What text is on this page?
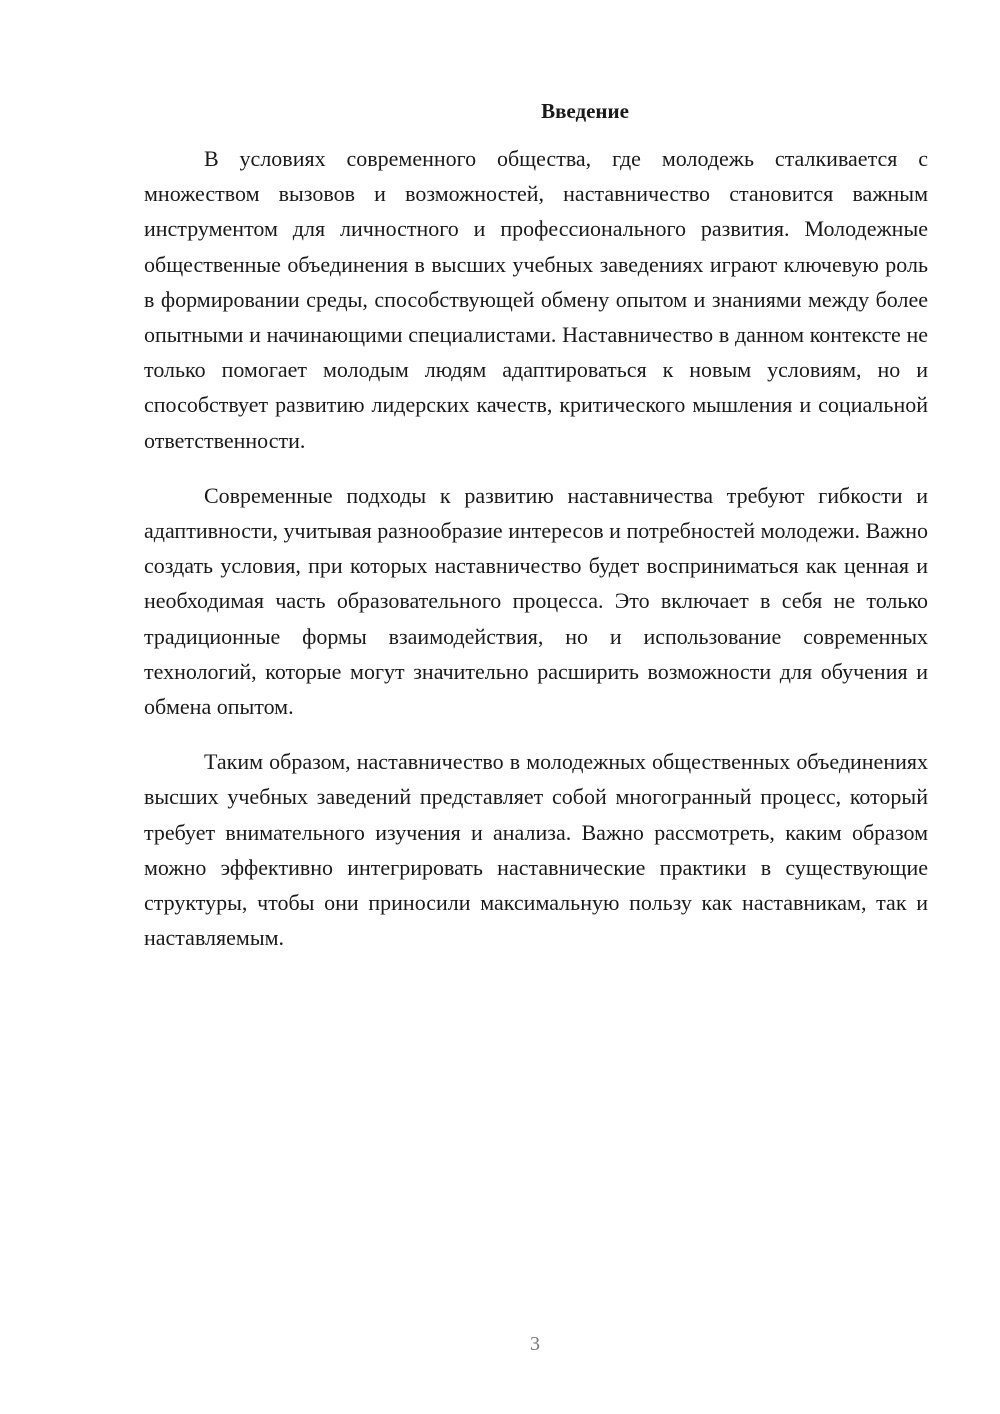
Введение

В условиях современного общества, где молодежь сталкивается с множеством вызовов и возможностей, наставничество становится важным инструментом для личностного и профессионального развития. Молодежные общественные объединения в высших учебных заведениях играют ключевую роль в формировании среды, способствующей обмену опытом и знаниями между более опытными и начинающими специалистами. Наставничество в данном контексте не только помогает молодым людям адаптироваться к новым условиям, но и способствует развитию лидерских качеств, критического мышления и социальной ответственности.

Современные подходы к развитию наставничества требуют гибкости и адаптивности, учитывая разнообразие интересов и потребностей молодежи. Важно создать условия, при которых наставничество будет восприниматься как ценная и необходимая часть образовательного процесса. Это включает в себя не только традиционные формы взаимодействия, но и использование современных технологий, которые могут значительно расширить возможности для обучения и обмена опытом.

Таким образом, наставничество в молодежных общественных объединениях высших учебных заведений представляет собой многогранный процесс, который требует внимательного изучения и анализа. Важно рассмотреть, каким образом можно эффективно интегрировать наставнические практики в существующие структуры, чтобы они приносили максимальную пользу как наставникам, так и наставляемым.

3
